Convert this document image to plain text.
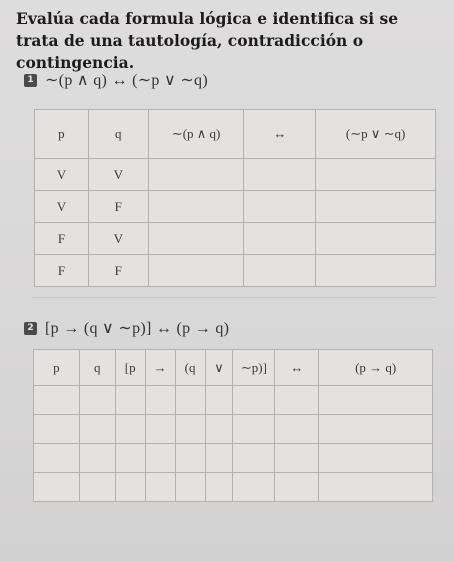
Evalúa cada formula lógica e identifica si se trata de una tautología, contradicción o contingencia.
1 ∼(p ∧ q) ↔ (∼p ∨ ∼q)
p	q	∼(p ∧ q)	↔	(∼p ∨ ∼q)
V	V			
V	F			
F	V			
F	F			
2 [p → (q ∨ ∼p)] ↔ (p → q)
p	q	[p	→	(q	∨	∼p)]	↔	(p → q)
